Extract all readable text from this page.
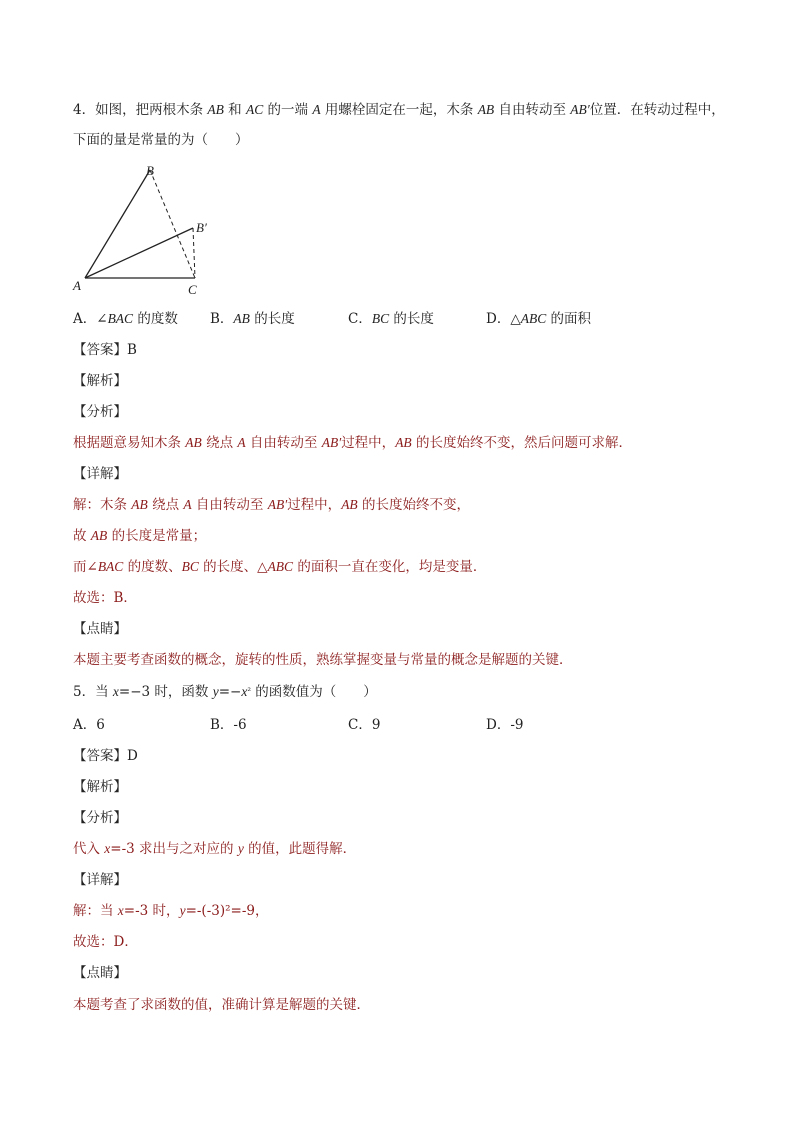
4．如图，把两根木条 AB 和 AC 的一端 A 用螺栓固定在一起，木条 AB 自由转动至 AB′位置．在转动过程中，
下面的量是常量的为（　　）
B
B′
A	C
A．∠BAC 的度数 B．AB 的长度	C．BC 的长度	D．△ABC 的面积
【答案】B
【解析】
【分析】
根据题意易知木条 AB 绕点 A 自由转动至 AB′过程中，AB 的长度始终不变，然后问题可求解．
【详解】
解：木条 AB 绕点 A 自由转动至 AB′过程中，AB 的长度始终不变，
故 AB 的长度是常量；
而∠BAC 的度数、BC 的长度、△ABC 的面积一直在变化，均是变量．
故选：B．
【点睛】
本题主要考查函数的概念，旋转的性质，熟练掌握变量与常量的概念是解题的关键．
5．当 x=−3 时，函数 $y=-x^{^2}$ 的函数值为（　　）
A．6	B．-6	C．9	D．-9
【答案】D
【解析】
【分析】
代入 x=-3 求出与之对应的 y 的值，此题得解．
【详解】
解：当 x=-3 时，y=-(-3)²=-9，
故选：D．
【点睛】
本题考查了求函数的值，准确计算是解题的关键．
